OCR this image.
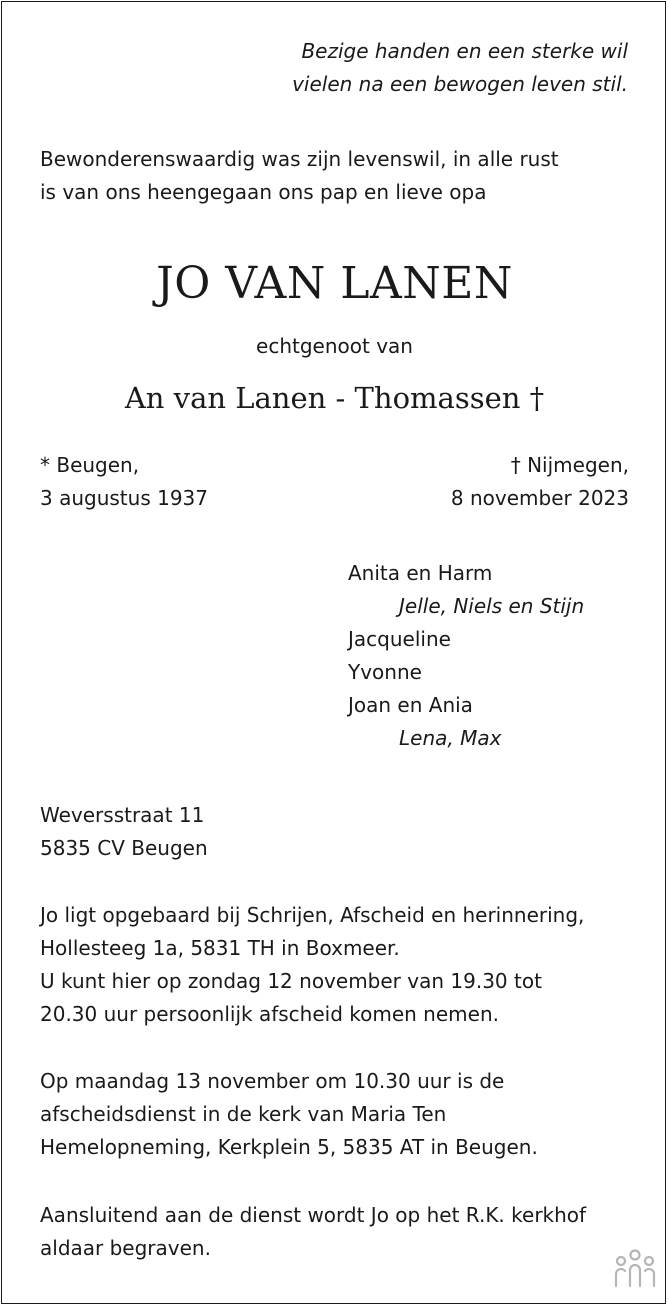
Bezige handen en een sterke wil
vielen na een bewogen leven stil.
Bewonderenswaardig was zijn levenswil, in alle rust
is van ons heengegaan ons pap en lieve opa
JO VAN LANEN
echtgenoot van
An van Lanen - Thomassen †
* Beugen,
3 augustus 1937
† Nijmegen,
8 november 2023
Anita en Harm
Jelle, Niels en Stijn
Jacqueline
Yvonne
Joan en Ania
Lena, Max
Weversstraat 11
5835 CV Beugen
Jo ligt opgebaard bij Schrijen, Afscheid en herinnering,
Hollesteeg 1a, 5831 TH in Boxmeer.
U kunt hier op zondag 12 november van 19.30 tot
20.30 uur persoonlijk afscheid komen nemen.
Op maandag 13 november om 10.30 uur is de
afscheidsdienst in de kerk van Maria Ten
Hemelopneming, Kerkplein 5, 5835 AT in Beugen.
Aansluitend aan de dienst wordt Jo op het R.K. kerkhof
aldaar begraven.
